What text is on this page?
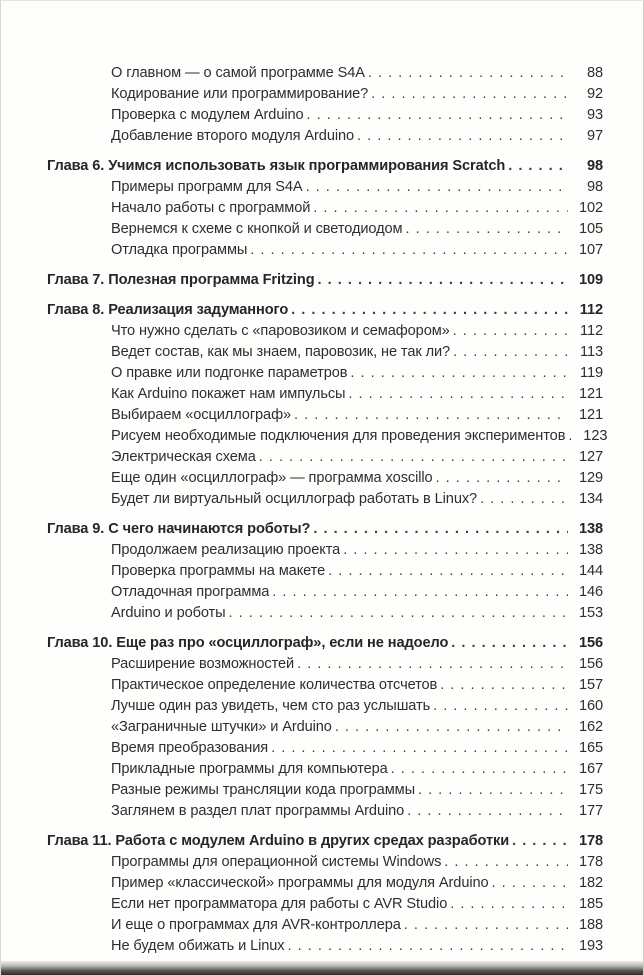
О главном — о самой программе S4A . . .	88
Кодирование или программирование? . . .	92
Проверка с модулем Arduino . . .	93
Добавление второго модуля Arduino . . .	97
Глава 6. Учимся использовать язык программирования Scratch . . .	98
Примеры программ для S4A . . .	98
Начало работы с программой . . .	102
Вернемся к схеме с кнопкой и светодиодом . . .	105
Отладка программы . . .	107
Глава 7. Полезная программа Fritzing . . .	109
Глава 8. Реализация задуманного . . .	112
Что нужно сделать с «паровозиком и семафором» . . .	112
Ведет состав, как мы знаем, паровозик, не так ли? . . .	113
О правке или подгонке параметров . . .	119
Как Arduino покажет нам импульсы . . .	121
Выбираем «осциллограф» . . .	121
Рисуем необходимые подключения для проведения экспериментов . . .	123
Электрическая схема . . .	127
Еще один «осциллограф» — программа xoscillo . . .	129
Будет ли виртуальный осциллограф работать в Linux? . . .	134
Глава 9. С чего начинаются роботы? . . .	138
Продолжаем реализацию проекта . . .	138
Проверка программы на макете . . .	144
Отладочная программа . . .	146
Arduino и роботы . . .	153
Глава 10. Еще раз про «осциллограф», если не надоело . . .	156
Расширение возможностей . . .	156
Практическое определение количества отсчетов . . .	157
Лучше один раз увидеть, чем сто раз услышать . . .	160
«Заграничные штучки» и Arduino . . .	162
Время преобразования . . .	165
Прикладные программы для компьютера . . .	167
Разные режимы трансляции кода программы . . .	175
Заглянем в раздел плат программы Arduino . . .	177
Глава 11. Работа с модулем Arduino в других средах разработки . . .	178
Программы для операционной системы Windows . . .	178
Пример «классической» программы для модуля Arduino . . .	182
Если нет программатора для работы с AVR Studio . . .	185
И еще о программах для AVR-контроллера . . .	188
Не будем обижать и Linux . . .	193
